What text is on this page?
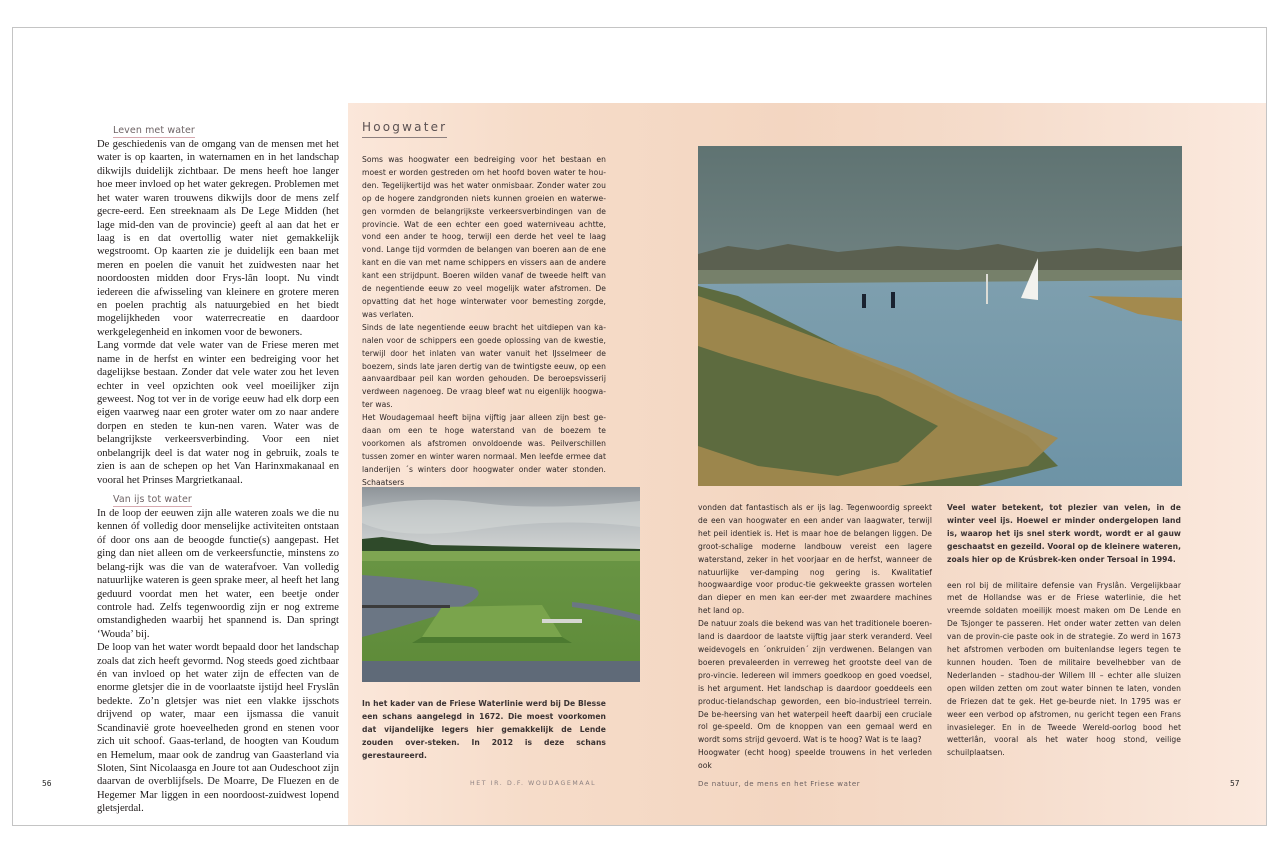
Leven met water

De geschiedenis van de omgang van de mensen met het water is op kaarten, in waternamen en in het landschap dikwijls duidelijk zichtbaar. De mens heeft hoe langer hoe meer invloed op het water gekregen. Problemen met het water waren trouwens dikwijls door de mens zelf gecre-eerd. Een streeknaam als De Lege Midden (het lage mid-den van de provincie) geeft al aan dat het er laag is en dat overtollig water niet gemakkelijk wegstroomt. Op kaarten zie je duidelijk een baan met meren en poelen die vanuit het zuidwesten naar het noordoosten midden door Frys-lân loopt. Nu vindt iedereen die afwisseling van kleinere en grotere meren en poelen prachtig als natuurgebied en het biedt mogelijkheden voor waterrecreatie en daardoor werkgelegenheid en inkomen voor de bewoners.

Lang vormde dat vele water van de Friese meren met name in de herfst en winter een bedreiging voor het dagelijkse bestaan. Zonder dat vele water zou het leven echter in veel opzichten ook veel moeilijker zijn geweest. Nog tot ver in de vorige eeuw had elk dorp een eigen vaarweg naar een groter water om zo naar andere dorpen en steden te kun-nen varen. Water was de belangrijkste verkeersverbinding. Voor een niet onbelangrijk deel is dat water nog in gebruik, zoals te zien is aan de schepen op het Van Harinxmakanaal en vooral het Prinses Margrietkanaal.

Van ijs tot water

In de loop der eeuwen zijn alle wateren zoals we die nu kennen óf volledig door menselijke activiteiten ontstaan óf door ons aan de beoogde functie(s) aangepast. Het ging dan niet alleen om de verkeersfunctie, minstens zo belang-rijk was die van de waterafvoer. Van volledig natuurlijke wateren is geen sprake meer, al heeft het lang geduurd voordat men het water, een beetje onder controle had. Zelfs tegenwoordig zijn er nog extreme omstandigheden waarbij het spannend is. Dan springt ‘Wouda’ bij.

De loop van het water wordt bepaald door het landschap zoals dat zich heeft gevormd. Nog steeds goed zichtbaar én van invloed op het water zijn de effecten van de enorme gletsjer die in de voorlaatste ijstijd heel Fryslân bedekte. Zo’n gletsjer was niet een vlakke ijsschots drijvend op water, maar een ijsmassa die vanuit Scandinavië grote hoeveelheden grond en stenen voor zich uit schoof. Gaas-terland, de hoogten van Koudum en Hemelum, maar ook de zandrug van Gaasterland via Sloten, Sint Nicolaasga en Joure tot aan Oudeschoot zijn daarvan de overblijfsels. De Moarre, De Fluezen en de Hegemer Mar liggen in een noordoost-zuidwest lopend gletsjerdal.

Hoogwater

Soms was hoogwater een bedreiging voor het bestaan en moest er worden gestreden om het hoofd boven water te hou-den. Tegelijkertijd was het water onmisbaar. Zonder water zou op de hogere zandgronden niets kunnen groeien en waterwe-gen vormden de belangrijkste verkeersverbindingen van de provincie. Wat de een echter een goed waterniveau achtte, vond een ander te hoog, terwijl een derde het veel te laag vond. Lange tijd vormden de belangen van boeren aan de ene kant en die van met name schippers en vissers aan de andere kant een strijdpunt. Boeren wilden vanaf de tweede helft van de negentiende eeuw zo veel mogelijk water afstromen. De opvatting dat het hoge winterwater voor bemesting zorgde, was verlaten.

Sinds de late negentiende eeuw bracht het uitdiepen van ka-nalen voor de schippers een goede oplossing van de kwestie, terwijl door het inlaten van water vanuit het IJsselmeer de boezem, sinds late jaren dertig van de twintigste eeuw, op een aanvaardbaar peil kan worden gehouden. De beroepsvisserij verdween nagenoeg. De vraag bleef wat nu eigenlijk hoogwa-ter was.

Het Woudagemaal heeft bijna vijftig jaar alleen zijn best ge-daan om een te hoge waterstand van de boezem te voorkomen als afstromen onvoldoende was. Peilverschillen tussen zomer en winter waren normaal. Men leefde ermee dat landerijen ´s winters door hoogwater onder water stonden. Schaatsers

In het kader van de Friese Waterlinie werd bij De Blesse een schans aangelegd in 1672. Die moest voorkomen dat vijandelijke legers hier gemakkelijk de Lende zouden over-steken. In 2012 is deze schans gerestaureerd.

vonden dat fantastisch als er ijs lag. Tegenwoordig spreekt de een van hoogwater en een ander van laagwater, terwijl het peil identiek is. Het is maar hoe de belangen liggen. De groot-schalige moderne landbouw vereist een lagere waterstand, zeker in het voorjaar en de herfst, wanneer de natuurlijke ver-damping nog gering is. Kwalitatief hoogwaardige voor produc-tie gekweekte grassen wortelen dan dieper en men kan eer-der met zwaardere machines het land op.

De natuur zoals die bekend was van het traditionele boeren-land is daardoor de laatste vijftig jaar sterk veranderd. Veel weidevogels en ´onkruiden´ zijn verdwenen. Belangen van boeren prevaleerden in verreweg het grootste deel van de pro-vincie. Iedereen wil immers goedkoop en goed voedsel, is het argument. Het landschap is daardoor goeddeels een produc-tielandschap geworden, een bio-industrieel terrein. De be-heersing van het waterpeil heeft daarbij een cruciale rol ge-speeld. Om de knoppen van een gemaal werd en wordt soms strijd gevoerd. Wat is te hoog? Wat is te laag?

Hoogwater (echt hoog) speelde trouwens in het verleden ook

Veel water betekent, tot plezier van velen, in de winter veel ijs. Hoewel er minder ondergelopen land is, waarop het ijs snel sterk wordt, wordt er al gauw geschaatst en gezeild. Vooral op de kleinere wateren, zoals hier op de Krúsbrek-ken onder Tersoal in 1994.

een rol bij de militaire defensie van Fryslân. Vergelijkbaar met de Hollandse was er de Friese waterlinie, die het vreemde soldaten moeilijk moest maken om De Lende en De Tsjonger te passeren. Het onder water zetten van delen van de provin-cie paste ook in de strategie. Zo werd in 1673 het afstromen verboden om buitenlandse legers tegen te kunnen houden. Toen de militaire bevelhebber van de Nederlanden – stadhou-der Willem III – echter alle sluizen open wilden zetten om zout water binnen te laten, vonden de Friezen dat te gek. Het ge-beurde niet. In 1795 was er weer een verbod op afstromen, nu gericht tegen een Frans invasieleger. En in de Tweede Wereld-oorlog bood het wetterlân, vooral als het water hoog stond, veilige schuilplaatsen.

56	HET IR. D.F. WOUDAGEMAAL	De natuur, de mens en het Friese water	57
